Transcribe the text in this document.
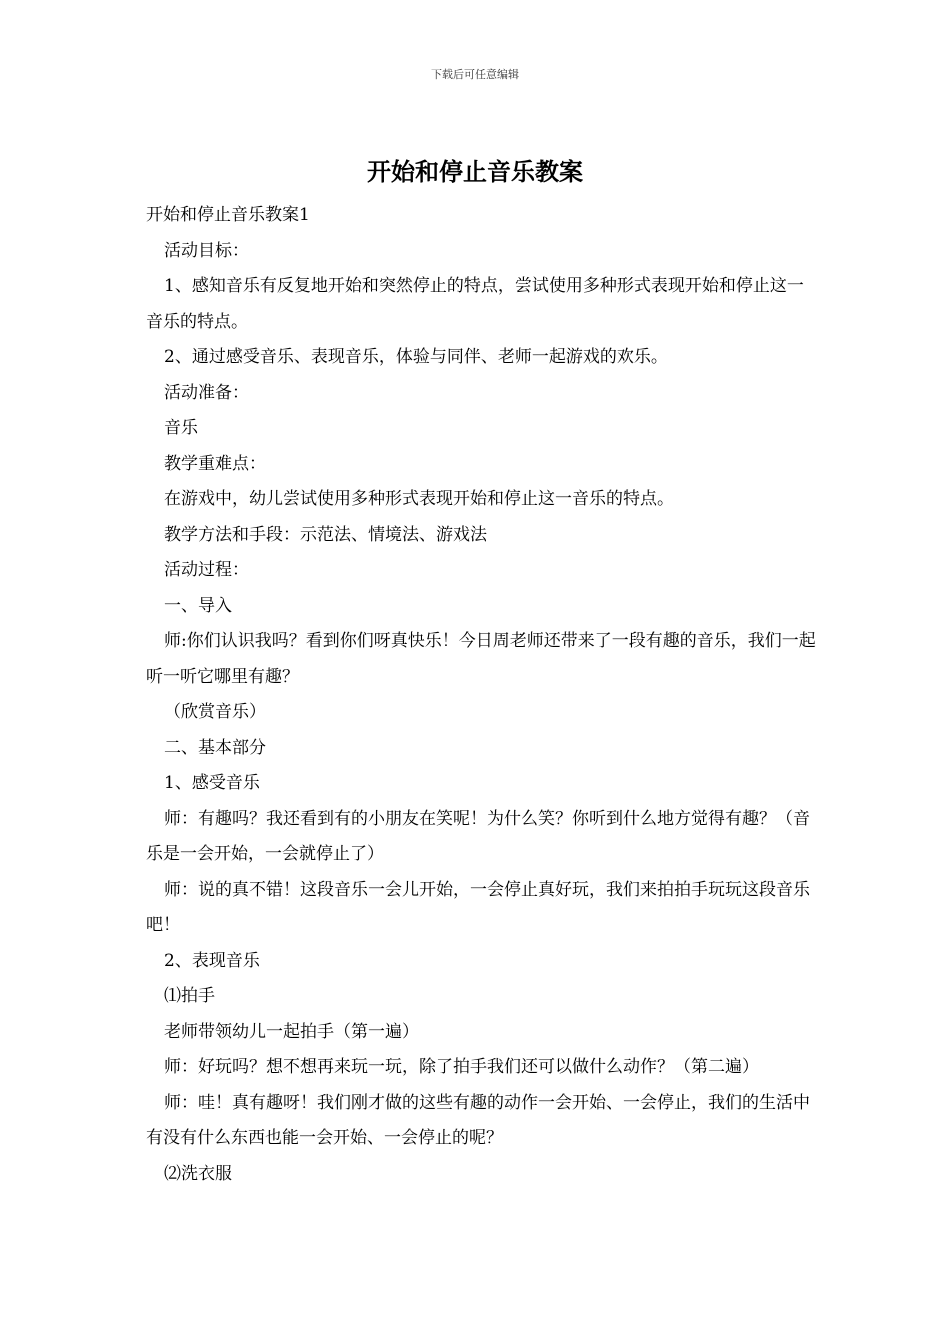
下载后可任意编辑
开始和停止音乐教案

开始和停止音乐教案1

活动目标：

1、感知音乐有反复地开始和突然停止的特点，尝试使用多种形式表现开始和停止这一音乐的特点。

2、通过感受音乐、表现音乐，体验与同伴、老师一起游戏的欢乐。

活动准备：

音乐

教学重难点：

在游戏中，幼儿尝试使用多种形式表现开始和停止这一音乐的特点。

教学方法和手段：示范法、情境法、游戏法

活动过程：

一、导入

师:你们认识我吗？看到你们呀真快乐！今日周老师还带来了一段有趣的音乐，我们一起听一听它哪里有趣？

（欣赏音乐）

二、基本部分

1、感受音乐

师：有趣吗？我还看到有的小朋友在笑呢！为什么笑？你听到什么地方觉得有趣？（音乐是一会开始，一会就停止了）

师：说的真不错！这段音乐一会儿开始，一会停止真好玩，我们来拍拍手玩玩这段音乐吧！

2、表现音乐

⑴拍手

老师带领幼儿一起拍手（第一遍）

师：好玩吗？想不想再来玩一玩，除了拍手我们还可以做什么动作？（第二遍）

师：哇！真有趣呀！我们刚才做的这些有趣的动作一会开始、一会停止，我们的生活中有没有什么东西也能一会开始、一会停止的呢？

⑵洗衣服
